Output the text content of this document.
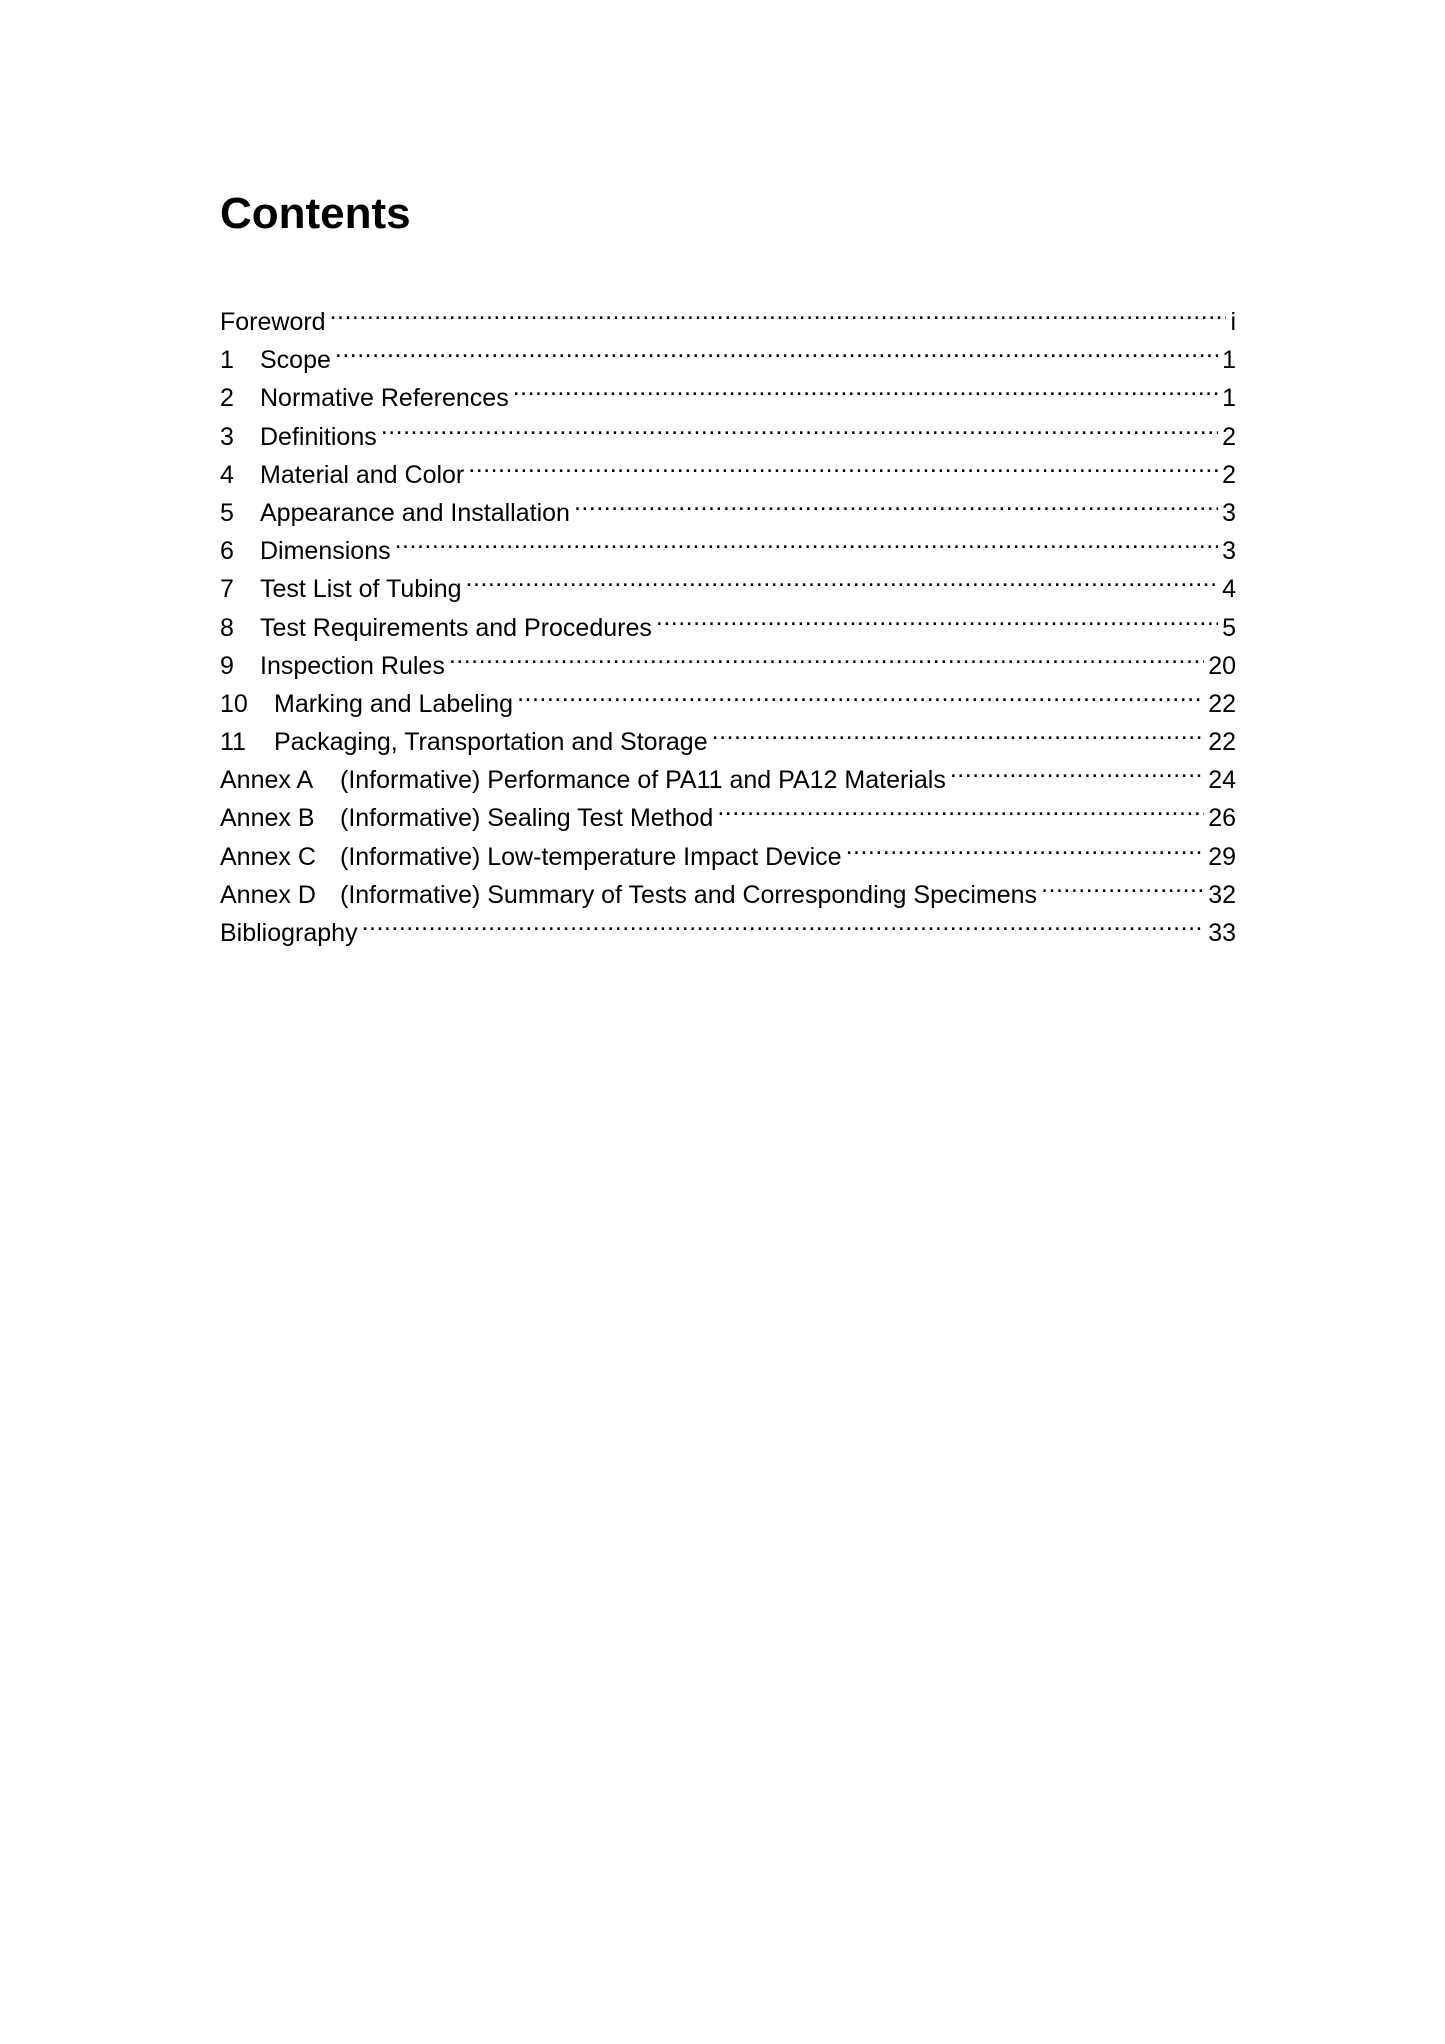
Contents
Foreword .....	i
1	Scope .....	1
2	Normative References .....	1
3	Definitions .....	2
4	Material and Color .....	2
5	Appearance and Installation .....	3
6	Dimensions .....	3
7	Test List of Tubing .....	4
8	Test Requirements and Procedures .....	5
9	Inspection Rules .....	20
10	Marking and Labeling .....	22
11	Packaging, Transportation and Storage .....	22
Annex A	(Informative) Performance of PA11 and PA12 Materials .....	24
Annex B	(Informative) Sealing Test Method .....	26
Annex C (Informative) Low-temperature Impact Device .....	29
Annex D (Informative) Summary of Tests and Corresponding Specimens .....	32
Bibliography .....	33
